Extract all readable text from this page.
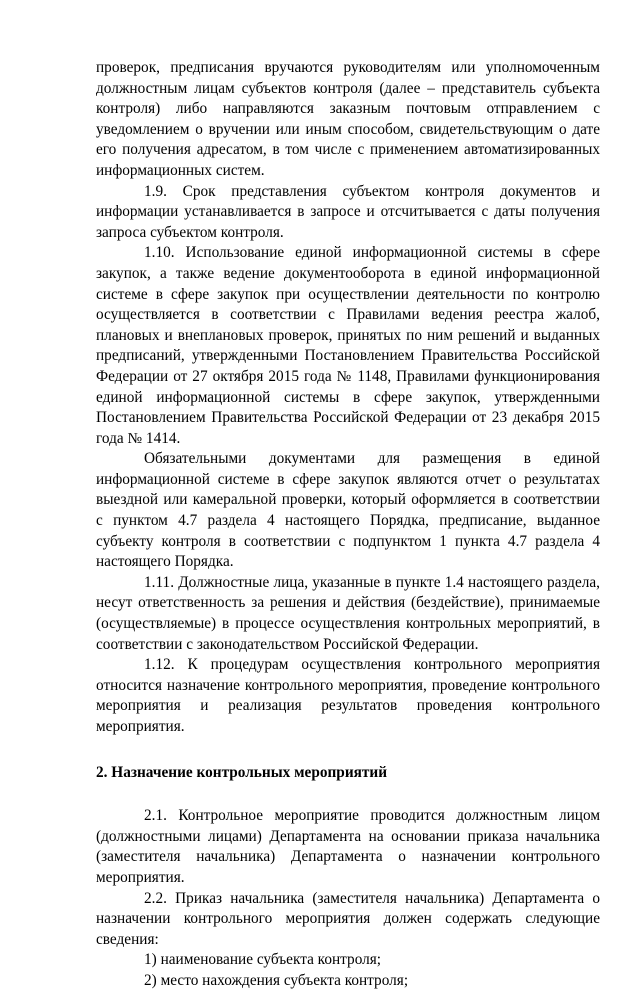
проверок, предписания вручаются руководителям или уполномоченным должностным лицам субъектов контроля (далее – представитель субъекта контроля) либо направляются заказным почтовым отправлением с уведомлением о вручении или иным способом, свидетельствующим о дате его получения адресатом, в том числе с применением автоматизированных информационных систем.

1.9. Срок представления субъектом контроля документов и информации устанавливается в запросе и отсчитывается с даты получения запроса субъектом контроля.

1.10. Использование единой информационной системы в сфере закупок, а также ведение документооборота в единой информационной системе в сфере закупок при осуществлении деятельности по контролю осуществляется в соответствии с Правилами ведения реестра жалоб, плановых и внеплановых проверок, принятых по ним решений и выданных предписаний, утвержденными Постановлением Правительства Российской Федерации от 27 октября 2015 года № 1148, Правилами функционирования единой информационной системы в сфере закупок, утвержденными Постановлением Правительства Российской Федерации от 23 декабря 2015 года № 1414.

Обязательными документами для размещения в единой информационной системе в сфере закупок являются отчет о результатах выездной или камеральной проверки, который оформляется в соответствии с пунктом 4.7 раздела 4 настоящего Порядка, предписание, выданное субъекту контроля в соответствии с подпунктом 1 пункта 4.7 раздела 4 настоящего Порядка.

1.11. Должностные лица, указанные в пункте 1.4 настоящего раздела, несут ответственность за решения и действия (бездействие), принимаемые (осуществляемые) в процессе осуществления контрольных мероприятий, в соответствии с законодательством Российской Федерации.

1.12. К процедурам осуществления контрольного мероприятия относится назначение контрольного мероприятия, проведение контрольного мероприятия и реализация результатов проведения контрольного мероприятия.

2. Назначение контрольных мероприятий

2.1. Контрольное мероприятие проводится должностным лицом (должностными лицами) Департамента на основании приказа начальника (заместителя начальника) Департамента о назначении контрольного мероприятия.

2.2. Приказ начальника (заместителя начальника) Департамента о назначении контрольного мероприятия должен содержать следующие сведения:

1) наименование субъекта контроля;

2) место нахождения субъекта контроля;
